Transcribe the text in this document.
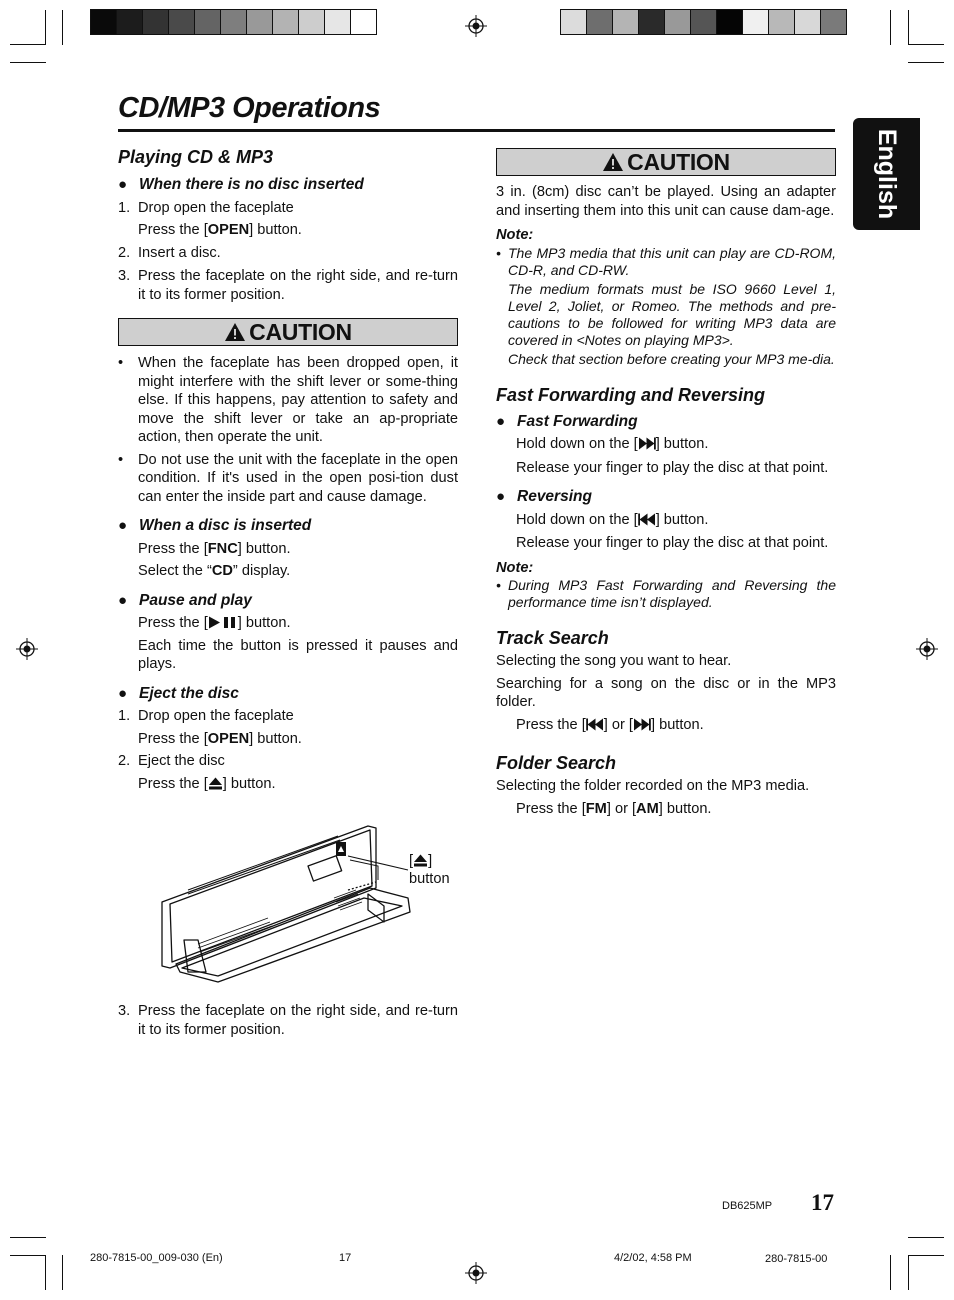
CD/MP3 Operations
English
Playing CD & MP3
● When there is no disc inserted
1. Drop open the faceplate

Press the [OPEN] button.

2. Insert a disc.
3. Press the faceplate on the right side, and re-turn it to its former position.
CAUTION
•	When the faceplate has been dropped open, it might interfere with the shift lever or some-thing else. If this happens, pay attention to safety and move the shift lever or take an ap-propriate action, then operate the unit.
•	Do not use the unit with the faceplate in the open condition. If it's used in the open posi-tion dust can enter the inside part and cause damage.
● When a disc is inserted

Press the [FNC] button.

Select the “CD” display.

● Pause and play

Press the [ ] button.

Each time the button is pressed it pauses and plays.

● Eject the disc
1. Drop open the faceplate

Press the [OPEN] button.

2. Eject the disc

Press the [ ] button.

[ ]
button
3. Press the faceplate on the right side, and re-turn it to its former position.
CAUTION

3 in. (8cm) disc can’t be played. Using an adapter and inserting them into this unit can cause dam-age.

Note:
• The MP3 media that this unit can play are CD-ROM, CD-R, and CD-RW.
The medium formats must be ISO 9660 Level 1, Level 2, Joliet, or Romeo. The methods and pre-cautions to be followed for writing MP3 data are covered in <Notes on playing MP3>.
Check that section before creating your MP3 me-dia.
Fast Forwarding and Reversing
● Fast Forwarding

Hold down on the [ ] button.

Release your finger to play the disc at that point.

● Reversing

Hold down on the [ ] button.

Release your finger to play the disc at that point.

Note:
• During MP3 Fast Forwarding and Reversing the performance time isn’t displayed.
Track Search

Selecting the song you want to hear.

Searching for a song on the disc or in the MP3 folder.

Press the [ ] or [ ] button.

Folder Search

Selecting the folder recorded on the MP3 media.

Press the [FM] or [AM] button.

DB625MP 17
280-7815-00_009-030 (En)	17	4/2/02, 4:58 PM	280-7815-00
